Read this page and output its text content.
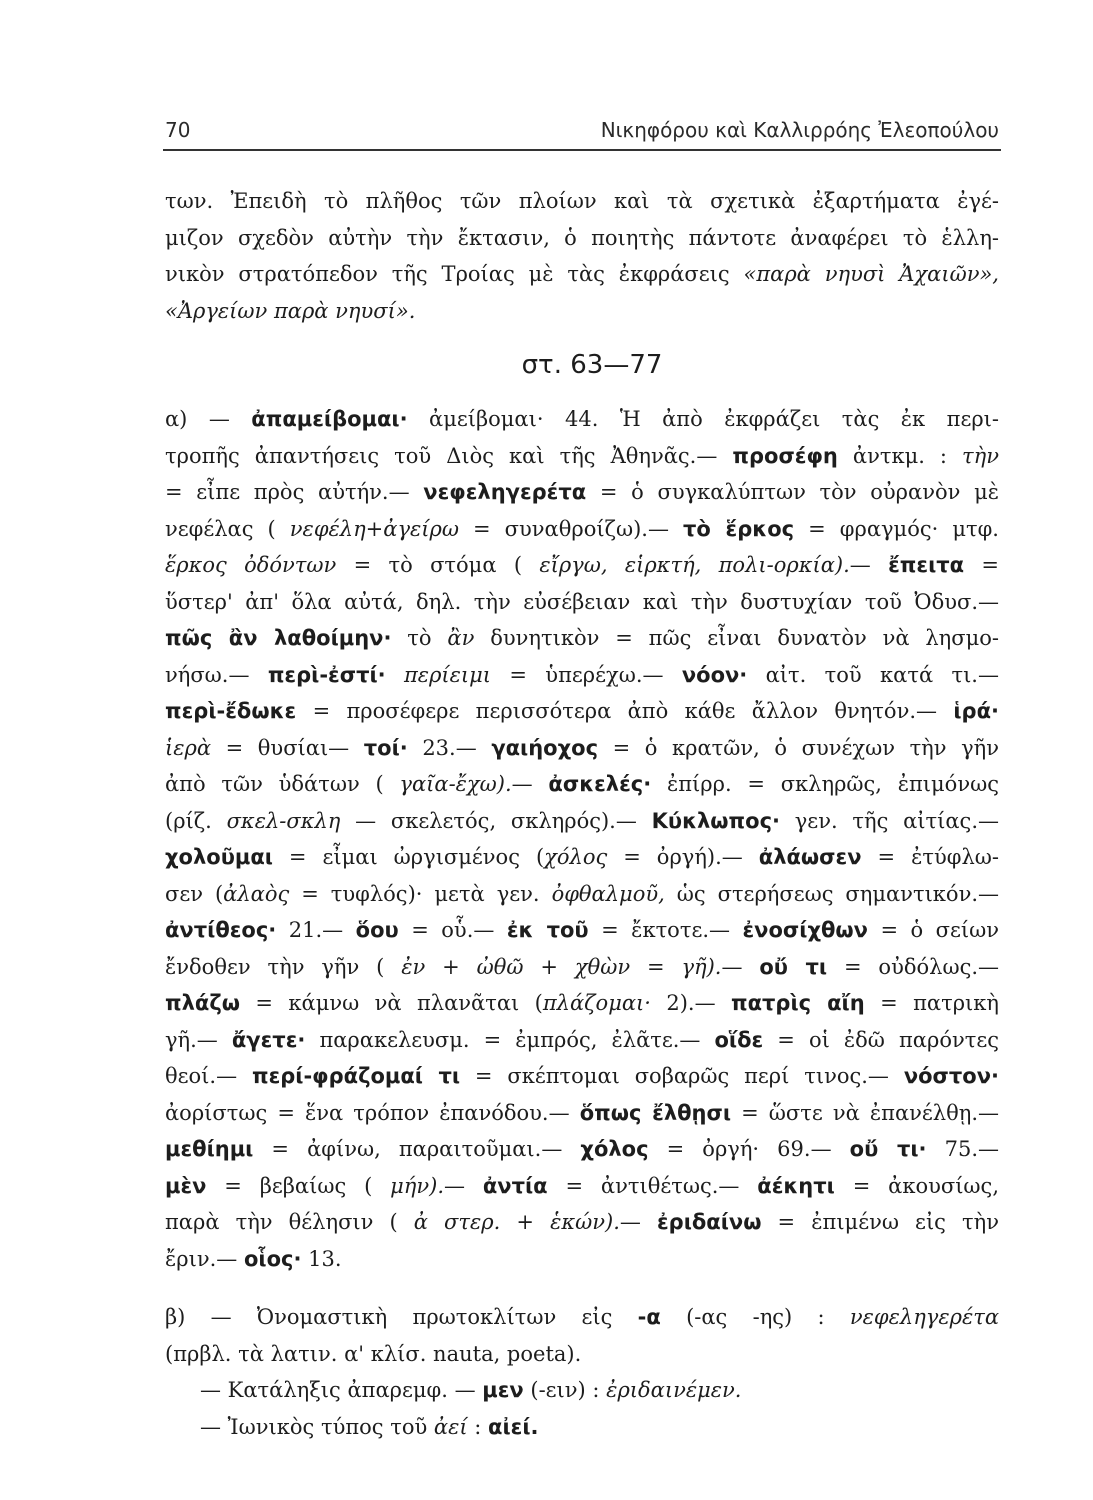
70	Νικηφόρου καὶ Καλλιρρόης Ἐλεοπούλου
των. Ἐπειδὴ τὸ πλῆθος τῶν πλοίων καὶ τὰ σχετικὰ ἐξαρτήματα ἐγέ-
μιζον σχεδὸν αὐτὴν τὴν ἔκτασιν, ὁ ποιητὴς πάντοτε ἀναφέρει τὸ ἑλλη-
νικὸν στρατόπεδον τῆς Τροίας μὲ τὰς ἐκφράσεις «παρὰ νηυσὶ Ἀχαιῶν»,
«Ἀργείων παρὰ νηυσί».
στ. 63—77
α) — ἀπαμείβομαι· ἀμείβομαι· 44. Ἡ ἀπὸ ἐκφράζει τὰς ἐκ περι-
τροπῆς ἀπαντήσεις τοῦ Διὸς καὶ τῆς Ἀθηνᾶς.— προσέφη ἀντκμ. : τὴν
= εἶπε πρὸς αὐτήν.— νεφεληγερέτα = ὁ συγκαλύπτων τὸν οὐρανὸν μὲ
νεφέλας ( νεφέλη+ἀγείρω = συναθροίζω).— τὸ ἕρκος = φραγμός· μτφ.
ἕρκος ὀδόντων = τὸ στόμα ( εἴργω, εἱρκτή, πολι-ορκία).— ἔπειτα =
ὕστερ' ἀπ' ὅλα αὐτά, δηλ. τὴν εὐσέβειαν καὶ τὴν δυστυχίαν τοῦ Ὀδυσ.—
πῶς ἂν λαθοίμην· τὸ ἂν δυνητικὸν = πῶς εἶναι δυνατὸν νὰ λησμο-
νήσω.— περὶ-ἐστί· περίειμι = ὑπερέχω.— νόον· αἰτ. τοῦ κατά τι.—
περὶ-ἔδωκε = προσέφερε περισσότερα ἀπὸ κάθε ἄλλον θνητόν.— ἱρά·
ἱερὰ = θυσίαι— τοί· 23.— γαιήοχος = ὁ κρατῶν, ὁ συνέχων τὴν γῆν
ἀπὸ τῶν ὑδάτων ( γαῖα-ἔχω).— ἀσκελές· ἐπίρρ. = σκληρῶς, ἐπιμόνως
(ρίζ. σκελ-σκλη — σκελετός, σκληρός).— Κύκλωπος· γεν. τῆς αἰτίας.—
χολοῦμαι = εἶμαι ὠργισμένος (χόλος = ὀργή).— ἀλάωσεν = ἐτύφλω-
σεν (ἀλαὸς = τυφλός)· μετὰ γεν. ὀφθαλμοῦ, ὡς στερήσεως σημαντικόν.—
ἀντίθεος· 21.— ὅου = οὗ.— ἐκ τοῦ = ἔκτοτε.— ἐνοσίχθων = ὁ σείων
ἔνδοθεν τὴν γῆν ( ἐν + ὠθῶ + χθὼν = γῆ).— οὔ τι = οὐδόλως.—
πλάζω = κάμνω νὰ πλανᾶται (πλάζομαι· 2).— πατρὶς αἴη = πατρικὴ
γῆ.— ἄγετε· παρακελευσμ. = ἐμπρός, ἐλᾶτε.— οἵδε = οἱ ἐδῶ παρόντες
θεοί.— περί-φράζομαί τι = σκέπτομαι σοβαρῶς περί τινος.— νόστον·
ἀορίστως = ἕνα τρόπον ἐπανόδου.— ὅπως ἔλθῃσι = ὥστε νὰ ἐπανέλθῃ.—
μεθίημι = ἀφίνω, παραιτοῦμαι.— χόλος = ὀργή· 69.— οὔ τι· 75.—
μὲν = βεβαίως ( μήν).— ἀντία = ἀντιθέτως.— ἀέκητι = ἀκουσίως,
παρὰ τὴν θέλησιν ( ἀ στερ. + ἑκών).— ἐριδαίνω = ἐπιμένω εἰς τὴν
ἔριν.— οἷος· 13.
β) — Ὀνομαστικὴ πρωτοκλίτων εἰς -α (-ας -ης) : νεφεληγερέτα
(πρβλ. τὰ λατιν. α' κλίσ. nauta, poeta).
— Κατάληξις ἀπαρεμφ. — μεν (-ειν) : ἐριδαινέμεν.
— Ἰωνικὸς τύπος τοῦ ἀεί : αἰεί.
